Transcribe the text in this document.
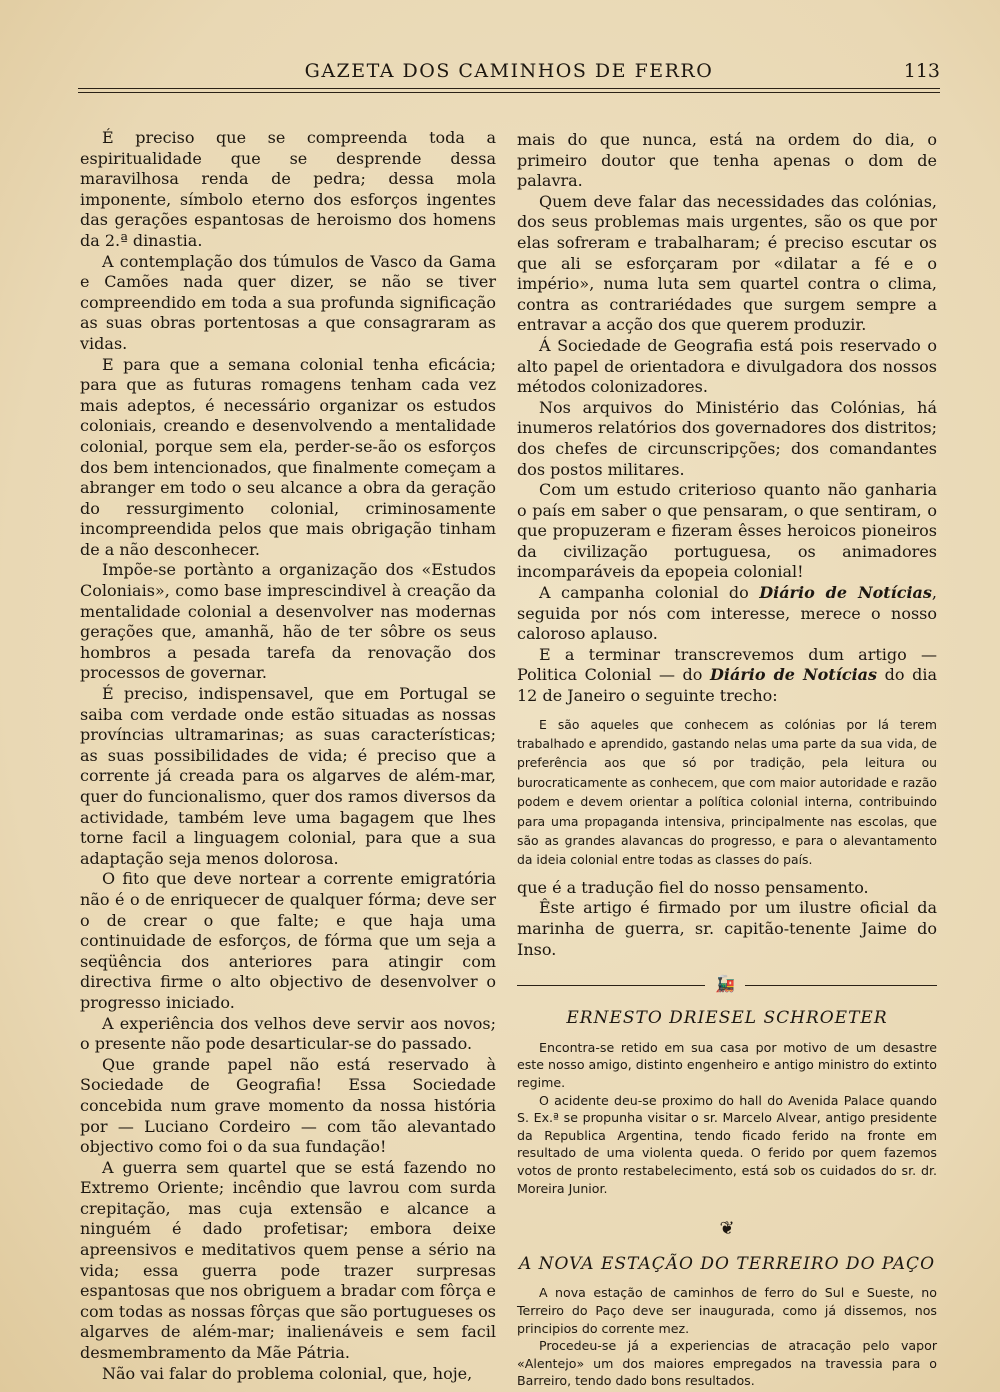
GAZETA DOS CAMINHOS DE FERRO	113

É preciso que se compreenda toda a espiritualidade que se desprende dessa maravilhosa renda de pedra; dessa mola imponente, símbolo eterno dos esforços ingentes das gerações espantosas de heroismo dos homens da 2.ª dinastia.

A contemplação dos túmulos de Vasco da Gama e Camões nada quer dizer, se não se tiver compreendido em toda a sua profunda significação as suas obras portentosas a que consagraram as vidas.

E para que a semana colonial tenha eficácia; para que as futuras romagens tenham cada vez mais adeptos, é necessário organizar os estudos coloniais, creando e desenvolvendo a mentalidade colonial, porque sem ela, perder-se-ão os esforços dos bem intencionados, que finalmente começam a abranger em todo o seu alcance a obra da geração do ressurgimento colonial, criminosamente incompreendida pelos que mais obrigação tinham de a não desconhecer.

Impõe-se portànto a organização dos «Estudos Coloniais», como base imprescindivel à creação da mentalidade colonial a desenvolver nas modernas gerações que, amanhã, hão de ter sôbre os seus hombros a pesada tarefa da renovação dos processos de governar.

É preciso, indispensavel, que em Portugal se saiba com verdade onde estão situadas as nossas províncias ultramarinas; as suas características; as suas possibilidades de vida; é preciso que a corrente já creada para os algarves de além-mar, quer do funcionalismo, quer dos ramos diversos da actividade, também leve uma bagagem que lhes torne facil a linguagem colonial, para que a sua adaptação seja menos dolorosa.

O fito que deve nortear a corrente emigratória não é o de enriquecer de qualquer fórma; deve ser o de crear o que falte; e que haja uma continuidade de esforços, de fórma que um seja a seqüência dos anteriores para atingir com directiva firme o alto objectivo de desenvolver o progresso iniciado.

A experiência dos velhos deve servir aos novos; o presente não pode desarticular-se do passado.

Que grande papel não está reservado à Sociedade de Geografia! Essa Sociedade concebida num grave momento da nossa história por — Luciano Cordeiro — com tão alevantado objectivo como foi o da sua fundação!

A guerra sem quartel que se está fazendo no Extremo Oriente; incêndio que lavrou com surda crepitação, mas cuja extensão e alcance a ninguém é dado profetisar; embora deixe apreensivos e meditativos quem pense a sério na vida; essa guerra pode trazer surpresas espantosas que nos obriguem a bradar com fôrça e com todas as nossas fôrças que são portugueses os algarves de além-mar; inalienáveis e sem facil desmembramento da Mãe Pátria.

Não vai falar do problema colonial, que, hoje,

mais do que nunca, está na ordem do dia, o primeiro doutor que tenha apenas o dom de palavra.

Quem deve falar das necessidades das colónias, dos seus problemas mais urgentes, são os que por elas sofreram e trabalharam; é preciso escutar os que ali se esforçaram por «dilatar a fé e o império», numa luta sem quartel contra o clima, contra as contrariédades que surgem sempre a entravar a acção dos que querem produzir.

Á Sociedade de Geografia está pois reservado o alto papel de orientadora e divulgadora dos nossos métodos colonizadores.

Nos arquivos do Ministério das Colónias, há inumeros relatórios dos governadores dos distritos; dos chefes de circunscripções; dos comandantes dos postos militares.

Com um estudo criterioso quanto não ganharia o país em saber o que pensaram, o que sentiram, o que propuzeram e fizeram êsses heroicos pioneiros da civilização portuguesa, os animadores incomparáveis da epopeia colonial!

A campanha colonial do Diário de Notícias, seguida por nós com interesse, merece o nosso caloroso aplauso.

E a terminar transcrevemos dum artigo — Politica Colonial — do Diário de Notícias do dia 12 de Janeiro o seguinte trecho:

E são aqueles que conhecem as colónias por lá terem trabalhado e aprendido, gastando nelas uma parte da sua vida, de preferência aos que só por tradição, pela leitura ou burocraticamente as conhecem, que com maior autoridade e razão podem e devem orientar a política colonial interna, contribuindo para uma propaganda intensiva, principalmente nas escolas, que são as grandes alavancas do progresso, e para o alevantamento da ideia colonial entre todas as classes do país.

que é a tradução fiel do nosso pensamento.

Êste artigo é firmado por um ilustre oficial da marinha de guerra, sr. capitão-tenente Jaime do Inso.

🚂
ERNESTO DRIESEL SCHROETER

Encontra-se retido em sua casa por motivo de um desastre este nosso amigo, distinto engenheiro e antigo ministro do extinto regime.

O acidente deu-se proximo do hall do Avenida Palace quando S. Ex.ª se propunha visitar o sr. Marcelo Alvear, antigo presidente da Republica Argentina, tendo ficado ferido na fronte em resultado de uma violenta queda. O ferido por quem fazemos votos de pronto restabelecimento, está sob os cuidados do sr. dr. Moreira Junior.

❦
A NOVA ESTAÇÃO DO TERREIRO DO PAÇO

A nova estação de caminhos de ferro do Sul e Sueste, no Terreiro do Paço deve ser inaugurada, como já dissemos, nos principios do corrente mez.

Procedeu-se já a experiencias de atracação pelo vapor «Alentejo» um dos maiores empregados na travessia para o Barreiro, tendo dado bons resultados.
